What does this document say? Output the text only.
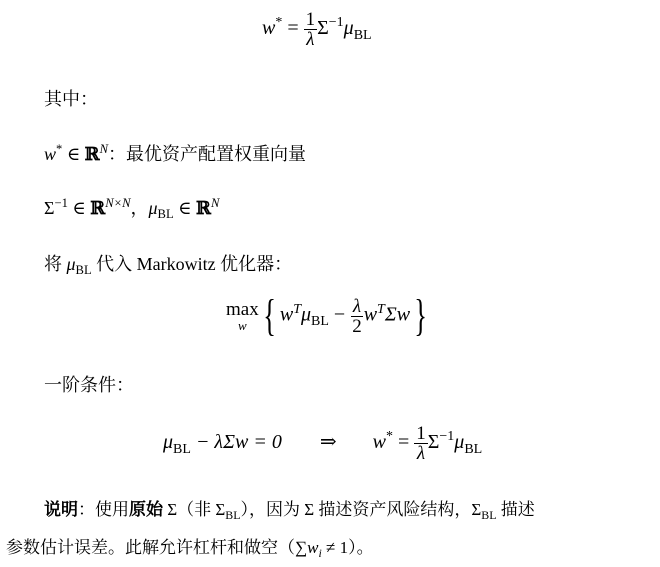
$w^* = \frac{1}{\lambda} \Sigma^{-1}\mu_{BL}$
其中：
w* ∈ ℝ$^N$：最优资产配置权重向量
$\Sigma^{-1}$ ∈ ℝ$^{N\times N}$，$\mu_{BL}$ ∈ ℝ$^N$
将 $\mu_{BL}$ 代入 Markowitz 优化器：
max
w { $w^T\mu_{BL} - \frac{\lambda}{2} w^T\Sigma w$}
一阶条件：
$\mu_{BL} - \lambda\Sigma w = 0$ ⇒ $w^* = \frac{1}{\lambda} \Sigma^{-1}\mu_{BL}$
说明：使用原始 Σ（非 $\Sigma_{BL}$），因为 Σ 描述资产风险结构，$\Sigma_{BL}$ 描述
参数估计误差。此解允许杠杆和做空$(\sum w_i \ne 1)$。
